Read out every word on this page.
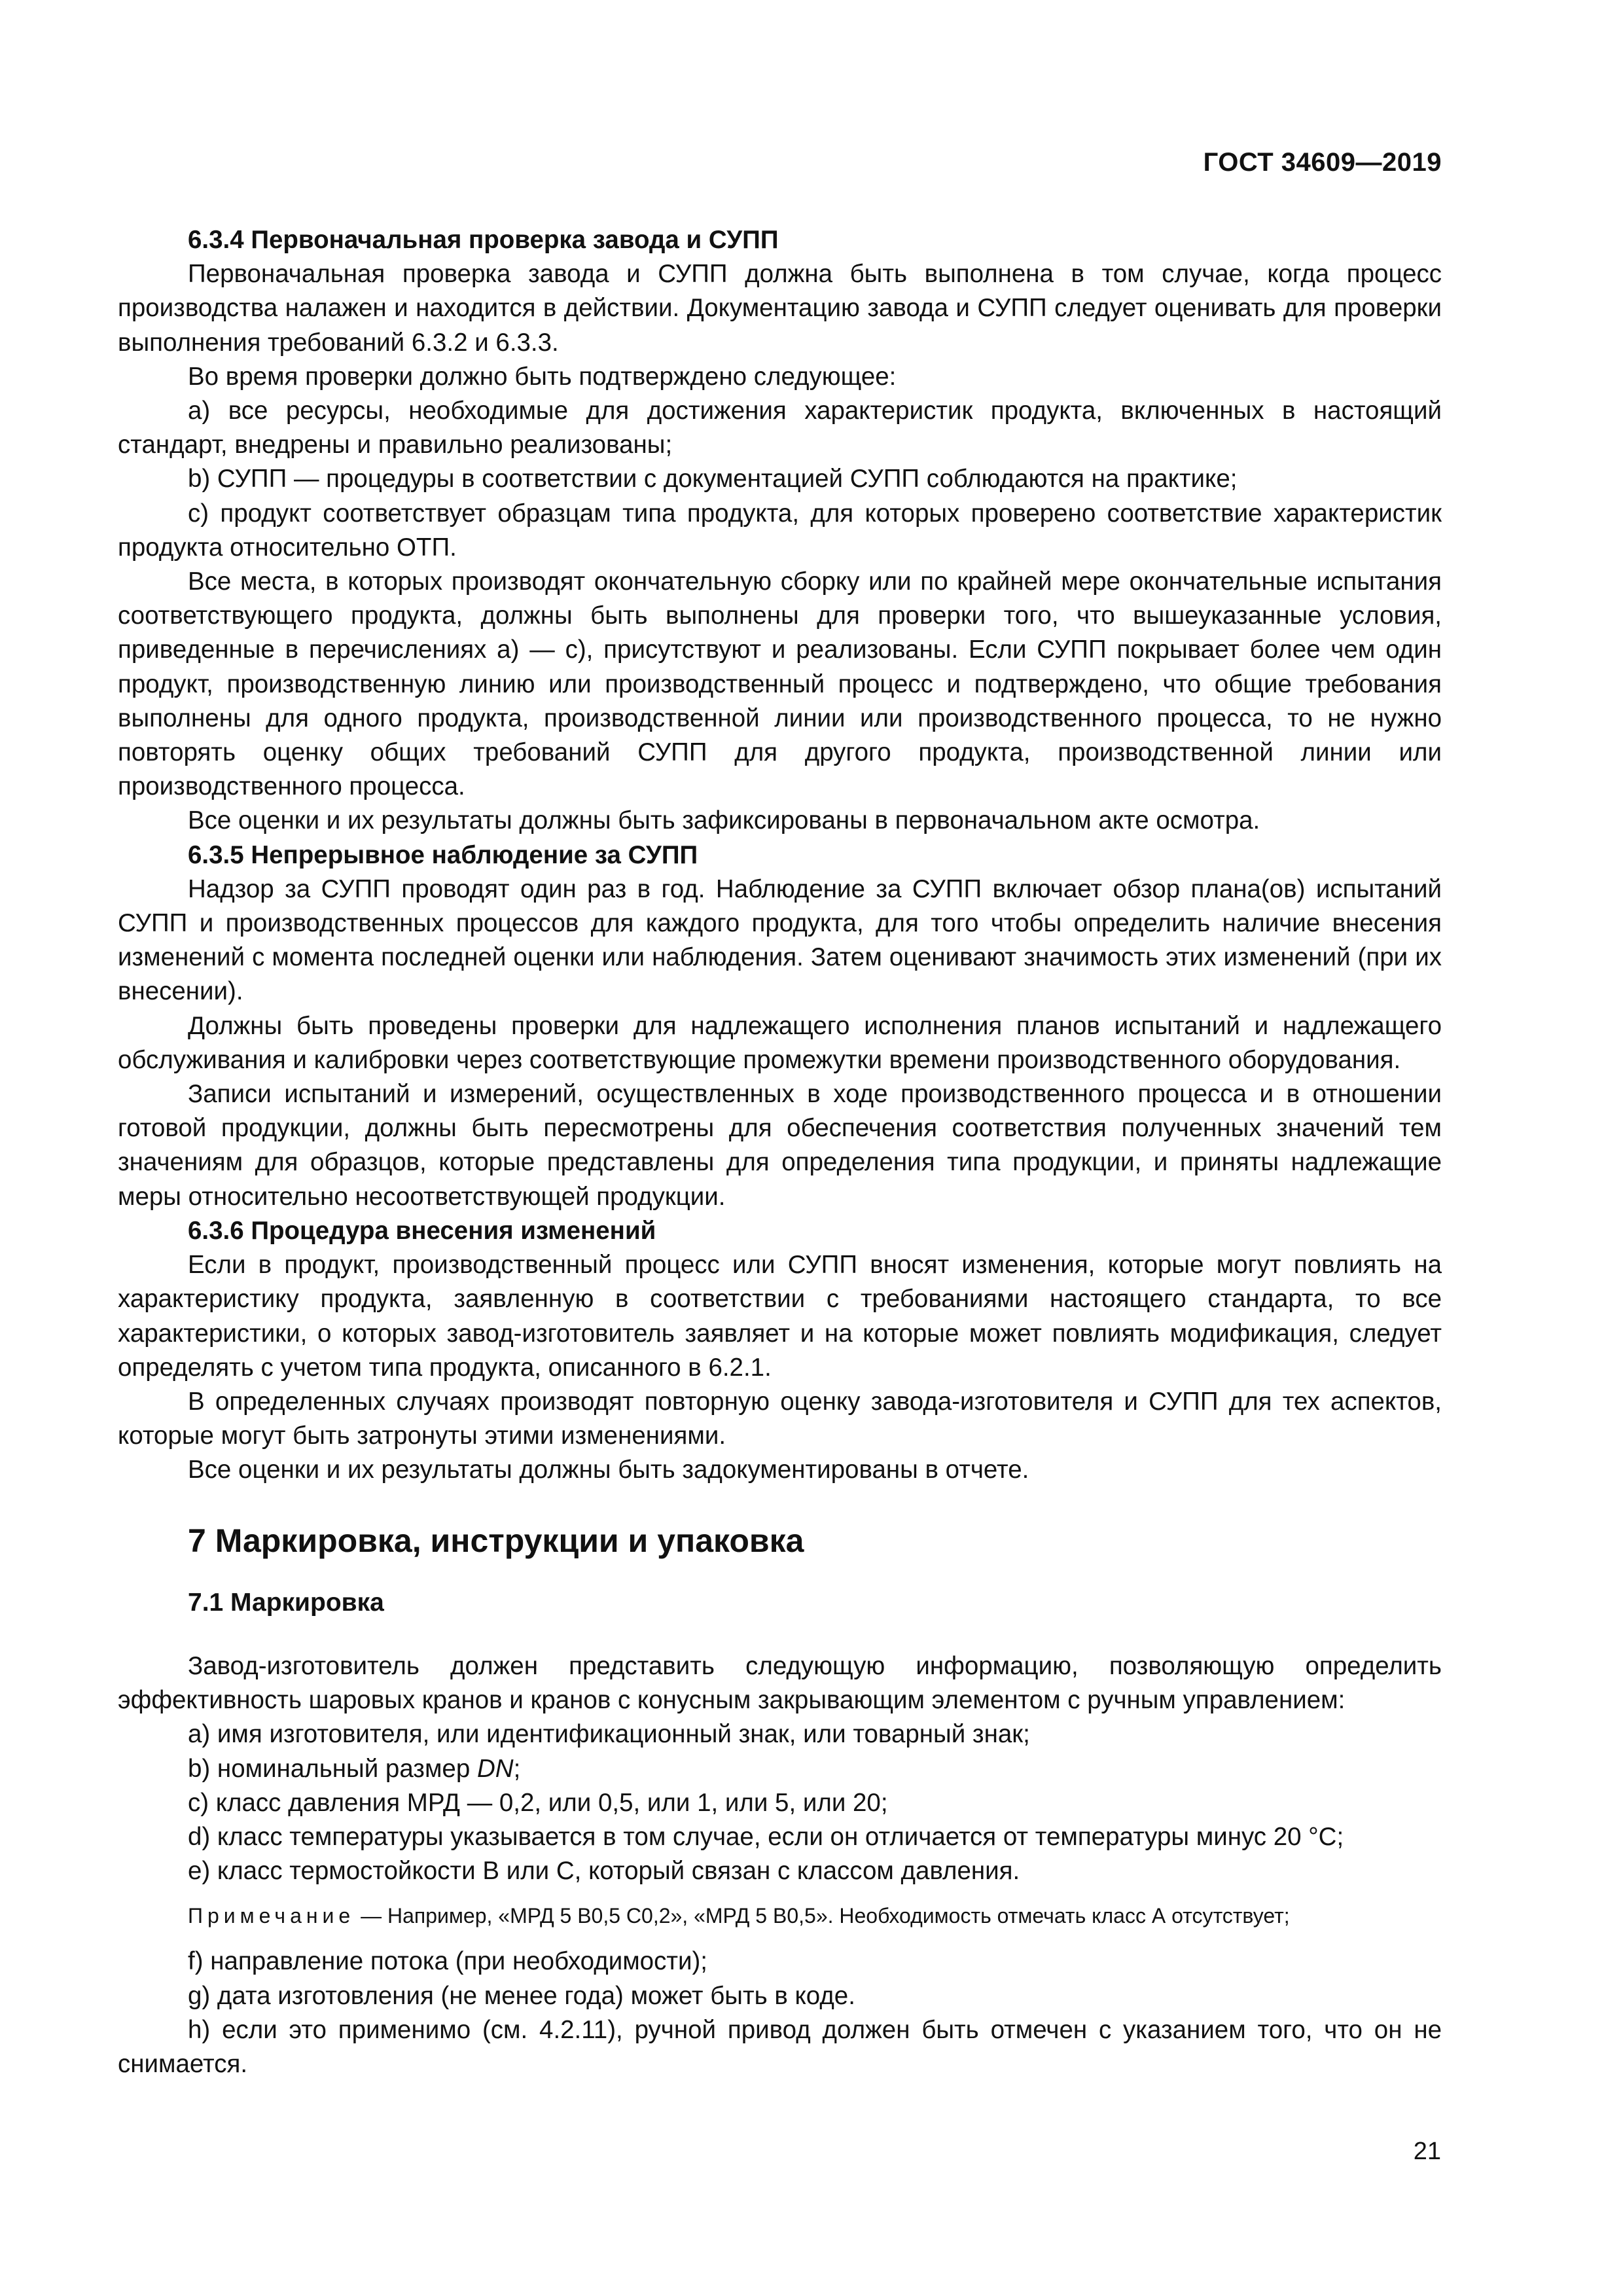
ГОСТ 34609—2019
6.3.4 Первоначальная проверка завода и СУПП

Первоначальная проверка завода и СУПП должна быть выполнена в том случае, когда процесс производства налажен и находится в действии. Документацию завода и СУПП следует оценивать для проверки выполнения требований 6.3.2 и 6.3.3.

Во время проверки должно быть подтверждено следующее:

а) все ресурсы, необходимые для достижения характеристик продукта, включенных в настоящий стандарт, внедрены и правильно реализованы;

b) СУПП — процедуры в соответствии с документацией СУПП соблюдаются на практике;

с) продукт соответствует образцам типа продукта, для которых проверено соответствие характеристик продукта относительно ОТП.

Все места, в которых производят окончательную сборку или по крайней мере окончательные испытания соответствующего продукта, должны быть выполнены для проверки того, что вышеуказанные условия, приведенные в перечислениях а) — с), присутствуют и реализованы. Если СУПП покрывает более чем один продукт, производственную линию или производственный процесс и подтверждено, что общие требования выполнены для одного продукта, производственной линии или производственного процесса, то не нужно повторять оценку общих требований СУПП для другого продукта, производственной линии или производственного процесса.

Все оценки и их результаты должны быть зафиксированы в первоначальном акте осмотра.

6.3.5 Непрерывное наблюдение за СУПП

Надзор за СУПП проводят один раз в год. Наблюдение за СУПП включает обзор плана(ов) испытаний СУПП и производственных процессов для каждого продукта, для того чтобы определить наличие внесения изменений с момента последней оценки или наблюдения. Затем оценивают значимость этих изменений (при их внесении).

Должны быть проведены проверки для надлежащего исполнения планов испытаний и надлежащего обслуживания и калибровки через соответствующие промежутки времени производственного оборудования.

Записи испытаний и измерений, осуществленных в ходе производственного процесса и в отношении готовой продукции, должны быть пересмотрены для обеспечения соответствия полученных значений тем значениям для образцов, которые представлены для определения типа продукции, и приняты надлежащие меры относительно несоответствующей продукции.

6.3.6 Процедура внесения изменений

Если в продукт, производственный процесс или СУПП вносят изменения, которые могут повлиять на характеристику продукта, заявленную в соответствии с требованиями настоящего стандарта, то все характеристики, о которых завод-изготовитель заявляет и на которые может повлиять модификация, следует определять с учетом типа продукта, описанного в 6.2.1.

В определенных случаях производят повторную оценку завода-изготовителя и СУПП для тех аспектов, которые могут быть затронуты этими изменениями.

Все оценки и их результаты должны быть задокументированы в отчете.

7 Маркировка, инструкции и упаковка
7.1 Маркировка

Завод-изготовитель должен представить следующую информацию, позволяющую определить эффективность шаровых кранов и кранов с конусным закрывающим элементом с ручным управлением:

а) имя изготовителя, или идентификационный знак, или товарный знак;

b) номинальный размер DN;

с) класс давления МРД — 0,2, или 0,5, или 1, или 5, или 20;

d) класс температуры указывается в том случае, если он отличается от температуры минус 20 °С;

е) класс термостойкости В или С, который связан с классом давления.

Примечание — Например, «МРД 5 В0,5 С0,2», «МРД 5 В0,5». Необходимость отмечать класс А отсутствует;

f) направление потока (при необходимости);

g) дата изготовления (не менее года) может быть в коде.

h) если это применимо (см. 4.2.11), ручной привод должен быть отмечен с указанием того, что он не снимается.

21
